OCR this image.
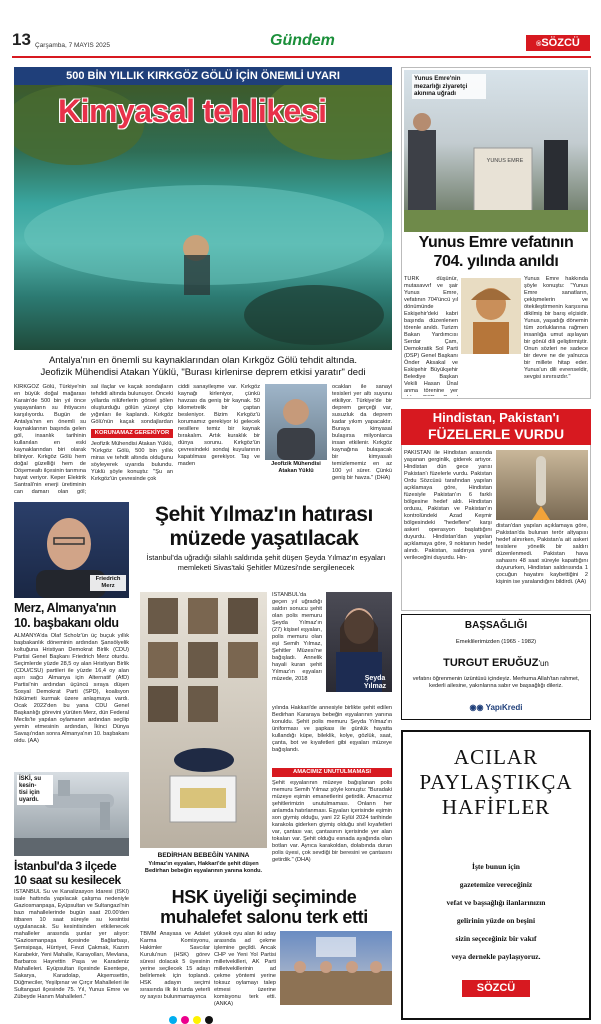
13 Çarşamba, 7 MAYIS 2025	Gündem	®SÖZCÜ
500 BİN YILLIK KIRKGÖZ GÖLÜ İÇİN ÖNEMLİ UYARI
Kimyasal tehlikesi
Antalya'nın en önemli su kaynaklarından olan Kırkgöz Gölü tehdit altında.
Jeofizik Mühendisi Atakan Yüklü, "Burası kirlenirse deprem etkisi yaratır" dedi
KIRKGÖZ Gölü, Türkiye'nin en büyük doğal mağarası Karain'de 500 bin yıl önce yaşayanların su ihtiyacını karşılıyordu. Bugün de Antalya'nın en önemli su kaynaklarının başında gelen göl, insanlık tarihinin kullanılan en eski kaynaklarından biri olarak biliniyor. Kırkgöz Gölü hem doğal güzelliği hem de Döşemealtı ilçesinin tarımına hayat veriyor. Keper Elektrik Santrali'nin enerji üretiminin can damarı olan göl;
sal ilaçlar ve kaçak sondajların tehdidi altında bulunuyor. Önceki yıllarda nilüferlerin görsel şölen oluşturduğu gölün yüzeyi çöp yığınları ile kaplandı. Kırkgöz Gölü'nün kaçak sondajlardan
KORUNAMAZ GEREKİYOR
Jeofizik Mühendisi Atakan Yüklü, "Kırkgöz Gölü, 500 bin yıllık miras ve tehdit altında olduğunu söyleyerek uyarıda bulundu. Yüklü şöyle konuştu: "Şu an Kırkgöz'ün çevresinde çok
ciddi sanayileşme var. Kırkgöz kaynağı kirleniyor, çünkü havzası da geniş bir kaynak. 50 kilometrelik bir çaptan besleniyor. Bizim Kırkgöz'ü korumamız gerekiyor ki gelecek nesillere temiz bir kaynak bırakalım. Artık kuraklık bir dünya sorunu. Kırkgöz'ün çevresindeki sondaj kuyularının kapatılması gerekiyor. Taş ve maden	Jeofizik Mühendisi Atakan Yüklü
ocakları ile sanayi tesisleri yer altı suyunu etkiliyor. Türkiye'de bir deprem gerçeği var, susuzluk da deprem kadar yıkım yapacaktır. Buraya kimyasal bulaşırsa milyonlarca insan etkilenir. Kırkgöz kaynağına bulaşacak bir kimyasalı temizlememiz en az 100 yıl sürer. Çünkü geniş bir havza." (DHA)
Yunus Emre'nin mezarlığı ziyaretçi akınına uğradı
YUNUS EMRE
Yunus Emre vefatının
704. yılında anıldı
TÜRK düşünür, mutasavvıf ve şair Yunus Emre, vefatının 704'üncü yıl dönümünde Eskişehir'deki kabri başında düzenlenen törenle anıldı. Turizm Bakan Yardımcısı Serdar Çam, Demokratik Sol Parti (DSP) Genel Başkanı Önder Aksakal ve Eskişehir Büyükşehir Belediye Başkan Vekili Hasan Ünal anma törenine yer
Yunus Emre hakkında şöyle konuştu: "Yunus Emre sanatların, çekişmelerin ve ötekileştirmenin karşısına dikilmiş bir barış elçisidir. Yunus, yaşadığı dönemin tüm zorluklarına rağmen insanlığa umut aşılayan bir gönül dili geliştirmiştir. Onun sözleri ne sadece bir devre ne de yalnızca bir millete hitap eder. Yunus'un dili evrenseldir, sevgisi sınırsızdır."
Hindistan, Pakistan'ı
FÜZELERLE VURDU
PAKİSTAN ile Hindistan arasında yaşanan gerginlik, giderek artıyor. Hindistan dün gece yarısı Pakistan'ı füzelerle vurdu. Pakistan Ordu Sözcüsü tarafından yapılan açıklamaya göre, Hindistan füzesiyle Pakistan'ın 6 farklı bölgesine hedef aldı. Hindistan ordusu, Pakistan ve Pakistan'ın kontrolündeki Azad Keşmir bölgesindeki "hedeflere" karşı askeri operasyon başlattığını duyurdu. Hindistan'dan yapılan açıklamaya göre, 9 noktanın hedef alındı. Pakistan, saldırıya yanıt verileceğini duyurdu. Hin-
distan'dan yapılan açıklamaya göre, Pakistan'da bulunan terör altyapısı hedef alınırken, Pakistan'a ait askeri tesislere yönelik bir saldırı düzenlenmedi. Pakistan hava sahasını 48 saat süreyle kapattığını duyururken, Hindistan saldırısında 1 çocuğun hayatını kaybettiğini 2 kişinin ise yaralandığını bildirdi. (AA)
Friedrich
Merz
Merz, Almanya'nın
10. başbakanı oldu
ALMANYA'da Olaf Scholz'ün üç buçuk yıllık başbakanlık döneminin ardından Şansölyelik koltuğuna Hristiyan Demokrat Birlik (CDU) Partisi Genel Başkanı Friedrich Merz oturdu. Seçimlerde yüzde 28,5 oy alan Hristiyan Birlik (CDU/CSU) partileri ile yüzde 16,4 oy alan aşırı sağcı Almanya için Alternatif (AfD) Partisi'nin ardından üçüncü sıraya düşen Sosyal Demokrat Parti (SPD), koalisyon hükümeti kurmak üzere anlaşmaya vardı. Ocak 2022'den bu yana CDU Genel Başkanlığı görevini yürüten Merz, dün Federal Meclis'te yapılan oylamanın ardından seçilip yemin etmesinin ardından, İkinci Dünya Savaşı'ndan sonra Almanya'nın 10. başbakanı oldu. (AA)
İSKİ, su
kesin-
tisi için
uyardı.
İstanbul'da 3 ilçede
10 saat su kesilecek
İSTANBUL Su ve Kanalizasyon İdaresi (İSKİ) isale hattında yapılacak çalışma nedeniyle Gaziosmanpaşa, Eyüpsultan ve Sultangazi'nin bazı mahallelerinde bugün saat 20.00'den itibaren 10 saat süreyle su kesintisi uygulanacak. Su kesintisinden etkilenecek mahalleler arasında şunlar yer alıyor: "Gaziosmanpaşa ilçesinde Bağlarbaşı, Şemsipaşa, Hürriyet, Fevzi Çakmak, Kazım Karabekir, Yeni Mahalle, Karayolları, Mevlana, Barbaros Hayrettin Paşa ve Karadeniz Mahalleleri. Eyüpsultan ilçesinde Esentepe, Sakarya, Karadolap, Akşemsettin, Düğmeciler, Yeşilpınar ve Çırçır Mahalleleri ile Sultangazi ilçesinde 75. Yıl, Yunus Emre ve Zübeyde Hanım Mahalleleri."
Şehit Yılmaz'ın hatırası
müzede yaşatılacak
İstanbul'da uğradığı silahlı saldırıda şehit düşen Şeyda Yılmaz'ın eşyaları memleketi Sivas'taki Şehitler Müzesi'nde sergilenecek
BEDİRHAN BEBEĞİN YANINA
Yılmaz'ın eşyaları, Hakkari'de şehit düşen Bedirhan bebeğin eşyalarının yanına kondu.
İSTANBUL'da geçen yıl uğradığı saldırı sonucu şehit olan polis memuru Şeyda Yılmaz'ın (27) kişisel eşyaları, polis memuru olan eşi Semih Yılmaz, Şehitler Müzesi'ne bağışladı. Annelik hayali kuran şehit Yılmaz'ın eşyaları müzede, 2018	Şeyda
Yılmaz
yılında Hakkari'de annesiyle birlikte şehit edilen Bedirhan Kararaya bebeğin eşyalarının yanına konuldu. Şehit polis memuru Şeyda Yılmaz'ın üniforması ve şapkası ile günlük hayatta kullandığı küpe, bileklik, kolye, gözlük, saat, çanta, bot ve kıyafetleri gibi eşyaları müzeye bağışlandı.
AMACIMIZ UNUTULMAMASI
Şehit eşyalarının müzeye bağışlanan polis memuru Semih Yılmaz şöyle konuştu: "Buradaki müzeye eşimin emanetlerini getirdik. Amacımız şehitlerimizin unutulmaması. Onların her anlamda hatırlanması. Eşyaları içerisinde eşimin son giymiş olduğu, yani 22 Eylül 2024 tarihinde karakola giderken giymiş olduğu sivil kıyafetleri var, çantası var, çantasının içerisinde yer alan tokaları var. Şehit olduğu esnada ayağında olan botları var. Ayrıca karakoldan, dolabında duran polis üyesi, çok sevdiği bir beresini ve çantasını getirdik." (DHA)
HSK üyeliği seçiminde
muhalefet salonu terk etti
TBMM Anayasa ve Adalet Karma Komisyonu, Hakimler Savcılar Kurulu'nun (HSK) görev süresi dolacak 5 üyesinin yerine seçilecek 15 adayı belirlemek için toplandı. HSK adayın seçimi sırasında ilk iki turda yeterli oy sayısı bulunmamayınca
yüksek oyu alan iki aday arasında ad çekme işlemine geçildi. Ancak CHP ve Yeni Yol Partisi milletvekilleri, AK Parti milletvekillerinin ad çekme yöntemi yerine toksuz oylamayı talep etmesi üzerine komisyonu terk etti. (ANKA)
BAŞSAĞLIĞI
Emeklilerimizden (1965 - 1982)
TURGUT ERUĞUZ'un
vefatını öğrenmenin üzüntüsü içindeyiz. Merhuma Allah'tan rahmet, kederli ailesine, yakınlarına sabır ve başsağlığı dileriz.
◉◉ YapıKredi
ACILAR
PAYLAŞTIKÇA
HAFİFLER
İşte bunun için
gazetemize vereceğiniz
vefat ve başsağlığı ilanlarınızın
gelirinin yüzde on beşini
sizin seçeceğiniz bir vakıf
veya dernekle paylaşıyoruz.
SÖZCÜ
